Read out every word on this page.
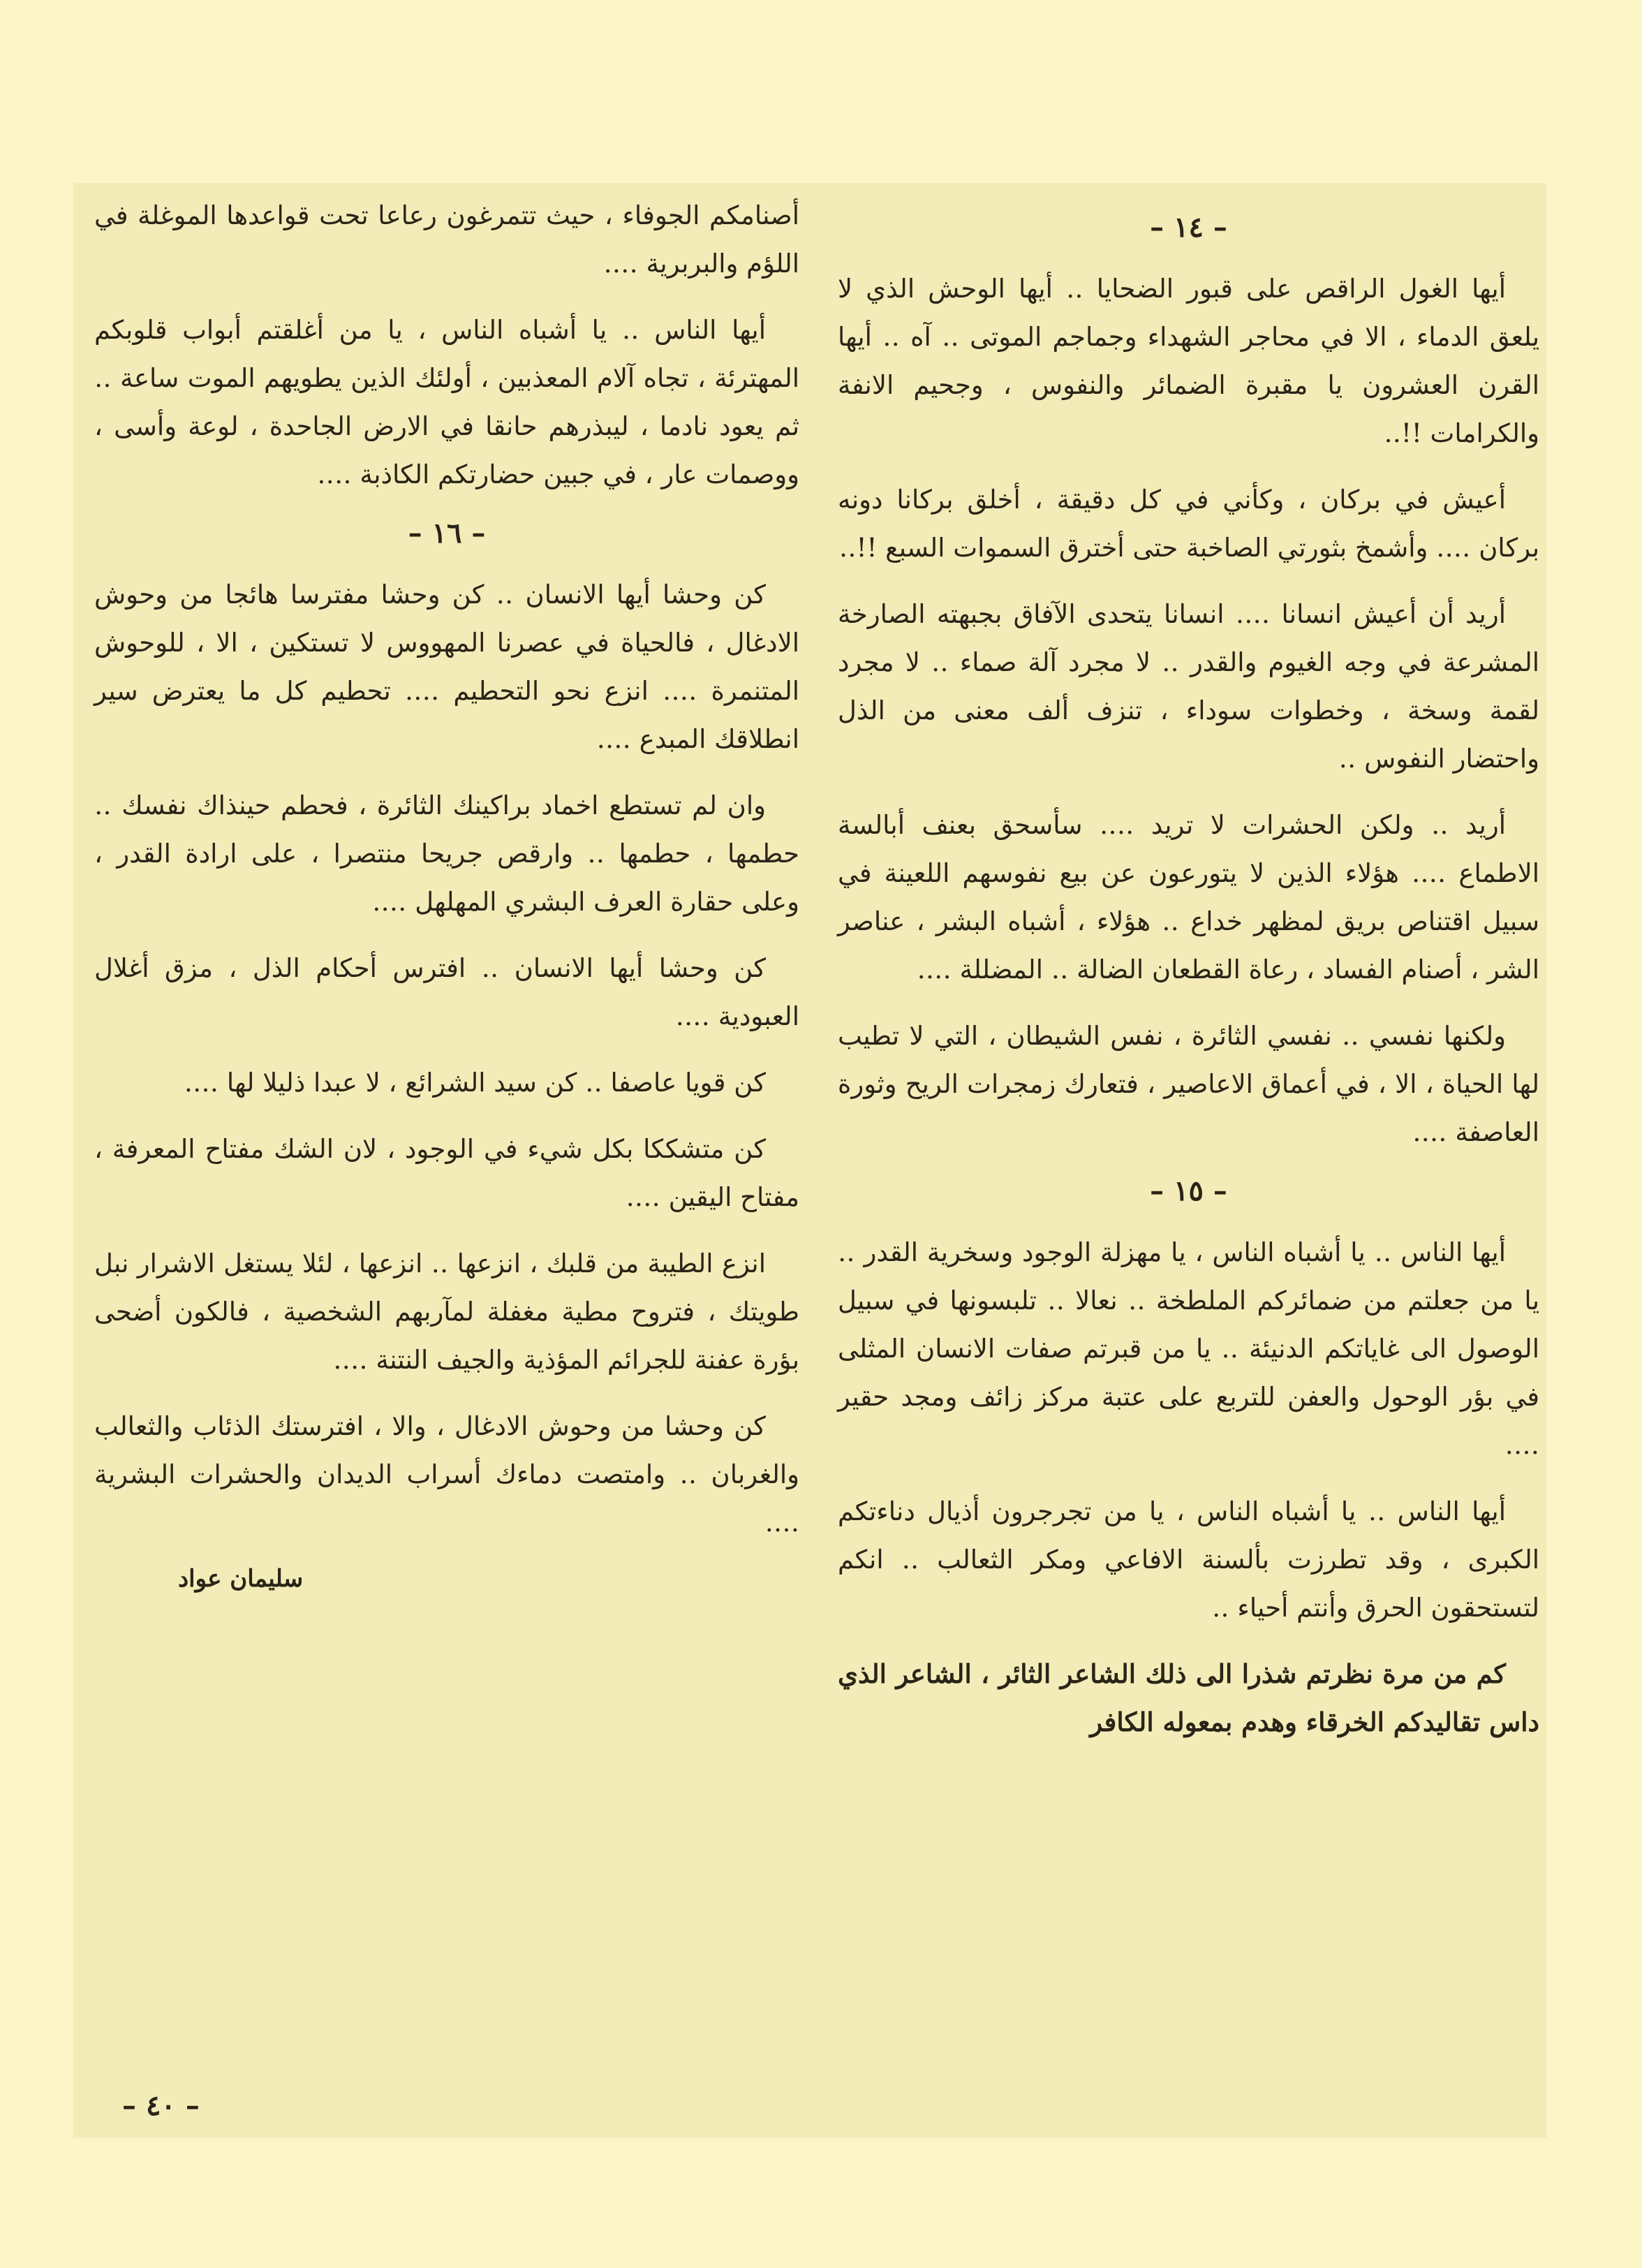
– ١٤ –

أيها الغول الراقص على قبور الضحايا ‥ أيها الوحش الذي لا يلعق الدماء ، الا في محاجر الشهداء وجماجم الموتى ‥ آه ‥ أيها القرن العشرون يا مقبرة الضمائر والنفوس ، وجحيم الانفة والكرامات !!‥

أعيش في بركان ، وكأني في كل دقيقة ، أخلق بركانا دونه بركان ‥‥ وأشمخ بثورتي الصاخبة حتى أخترق السموات السبع !!‥

أريد أن أعيش انسانا ‥‥ انسانا يتحدى الآفاق بجبهته الصارخة المشرعة في وجه الغيوم والقدر ‥ لا مجرد آلة صماء ‥ لا مجرد لقمة وسخة ، وخطوات سوداء ، تنزف ألف معنى من الذل واحتضار النفوس ‥

أريد ‥ ولكن الحشرات لا تريد ‥‥ سأسحق بعنف أبالسة الاطماع ‥‥ هؤلاء الذين لا يتورعون عن بيع نفوسهم اللعينة في سبيل اقتناص بريق لمظهر خداع ‥ هؤلاء ، أشباه البشر ، عناصر الشر ، أصنام الفساد ، رعاة القطعان الضالة ‥ المضللة ‥‥

ولكنها نفسي ‥ نفسي الثائرة ، نفس الشيطان ، التي لا تطيب لها الحياة ، الا ، في أعماق الاعاصير ، فتعارك زمجرات الريح وثورة العاصفة ‥‥

– ١٥ –

أيها الناس ‥ يا أشباه الناس ، يا مهزلة الوجود وسخرية القدر ‥ يا من جعلتم من ضمائركم الملطخة ‥ نعالا ‥ تلبسونها في سبيل الوصول الى غاياتكم الدنيئة ‥ يا من قبرتم صفات الانسان المثلى في بؤر الوحول والعفن للتربع على عتبة مركز زائف ومجد حقير ‥‥

أيها الناس ‥ يا أشباه الناس ، يا من تجرجرون أذيال دناءتكم الكبرى ، وقد تطرزت بألسنة الافاعي ومكر الثعالب ‥ انكم لتستحقون الحرق وأنتم أحياء ‥

كم من مرة نظرتم شذرا الى ذلك الشاعر الثائر ، الشاعر الذي داس تقاليدكم الخرقاء وهدم بمعوله الكافر

أصنامكم الجوفاء ، حيث تتمرغون رعاعا تحت قواعدها الموغلة في اللؤم والبربرية ‥‥

أيها الناس ‥ يا أشباه الناس ، يا من أغلقتم أبواب قلوبكم المهترئة ، تجاه آلام المعذبين ، أولئك الذين يطويهم الموت ساعة ‥ ثم يعود نادما ، ليبذرهم حانقا في الارض الجاحدة ، لوعة وأسى ، ووصمات عار ، في جبين حضارتكم الكاذبة ‥‥

– ١٦ –

كن وحشا أيها الانسان ‥ كن وحشا مفترسا هائجا من وحوش الادغال ، فالحياة في عصرنا المهووس لا تستكين ، الا ، للوحوش المتنمرة ‥‥ انزع نحو التحطيم ‥‥ تحطيم كل ما يعترض سير انطلاقك المبدع ‥‥

وان لم تستطع اخماد براكينك الثائرة ، فحطم حينذاك نفسك ‥ حطمها ، حطمها ‥ وارقص جريحا منتصرا ، على ارادة القدر ، وعلى حقارة العرف البشري المهلهل ‥‥

كن وحشا أيها الانسان ‥ افترس أحكام الذل ، مزق أغلال العبودية ‥‥

كن قويا عاصفا ‥ كن سيد الشرائع ، لا عبدا ذليلا لها ‥‥

كن متشككا بكل شيء في الوجود ، لان الشك مفتاح المعرفة ، مفتاح اليقين ‥‥

انزع الطيبة من قلبك ، انزعها ‥ انزعها ، لئلا يستغل الاشرار نبل طويتك ، فتروح مطية مغفلة لمآربهم الشخصية ، فالكون أضحى بؤرة عفنة للجرائم المؤذية والجيف النتنة ‥‥

كن وحشا من وحوش الادغال ، والا ، افترستك الذئاب والثعالب والغربان ‥ وامتصت دماءك أسراب الديدان والحشرات البشرية ‥‥

سليمان عواد
– ٤٠ –
